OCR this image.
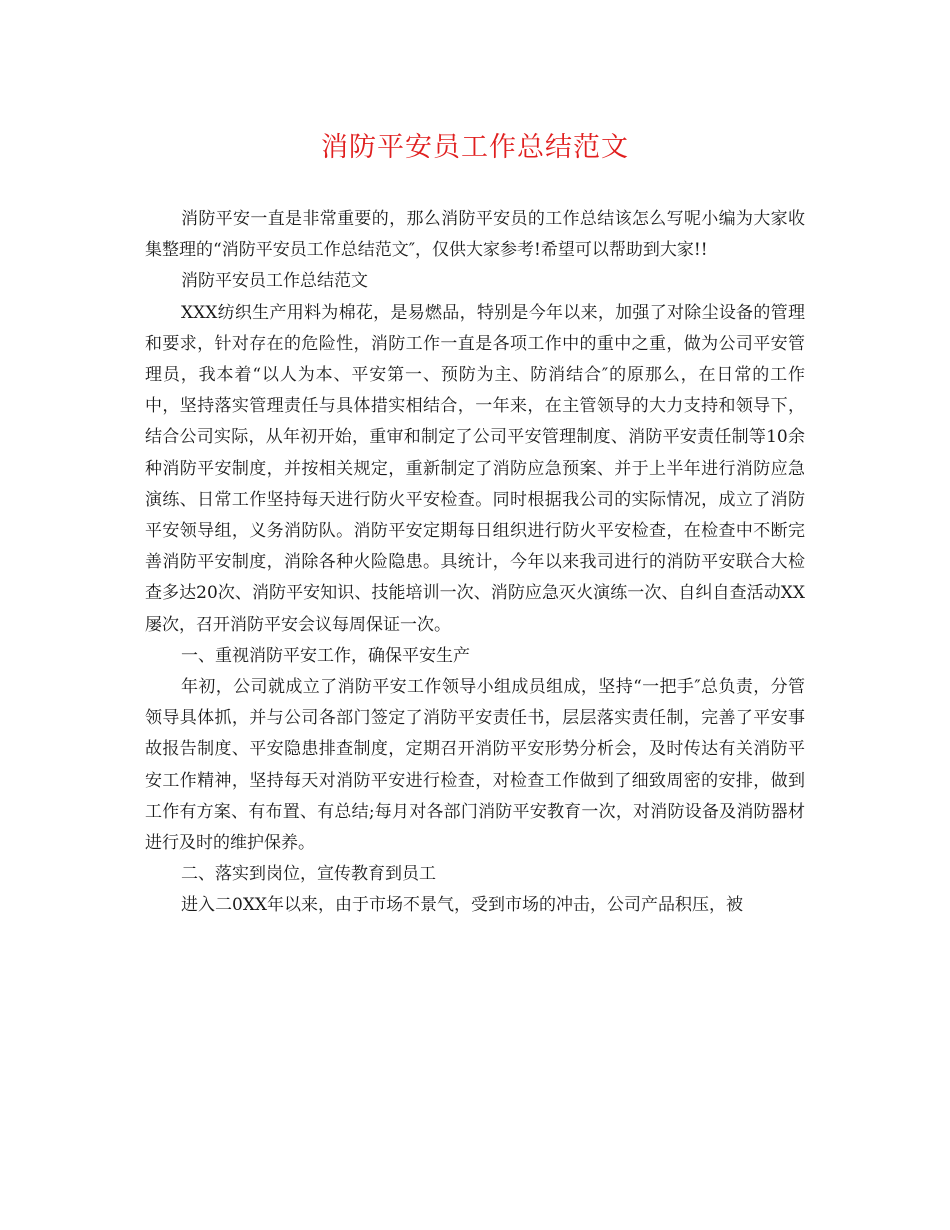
消防平安员工作总结范文

消防平安一直是非常重要的，那么消防平安员的工作总结该怎么写呢小编为大家收集整理的“消防平安员工作总结范文″，仅供大家参考!希望可以帮助到大家!!

消防平安员工作总结范文

XXX纺织生产用料为棉花，是易燃品，特别是今年以来，加强了对除尘设备的管理和要求，针对存在的危险性，消防工作一直是各项工作中的重中之重，做为公司平安管理员，我本着“以人为本、平安第一、预防为主、防消结合″的原那么，在日常的工作中，坚持落实管理责任与具体措实相结合，一年来，在主管领导的大力支持和领导下，结合公司实际，从年初开始，重审和制定了公司平安管理制度、消防平安责任制等10余种消防平安制度，并按相关规定，重新制定了消防应急预案、并于上半年进行消防应急演练、日常工作坚持每天进行防火平安检查。同时根据我公司的实际情况，成立了消防平安领导组，义务消防队。消防平安定期每日组织进行防火平安检查，在检查中不断完善消防平安制度，消除各种火险隐患。具统计，今年以来我司进行的消防平安联合大检查多达20次、消防平安知识、技能培训一次、消防应急灭火演练一次、自纠自查活动XX屡次，召开消防平安会议每周保证一次。

一、重视消防平安工作，确保平安生产

年初，公司就成立了消防平安工作领导小组成员组成，坚持“一把手″总负责，分管领导具体抓，并与公司各部门签定了消防平安责任书，层层落实责任制，完善了平安事故报告制度、平安隐患排查制度，定期召开消防平安形势分析会，及时传达有关消防平安工作精神，坚持每天对消防平安进行检查，对检查工作做到了细致周密的安排，做到工作有方案、有布置、有总结;每月对各部门消防平安教育一次，对消防设备及消防器材进行及时的维护保养。

二、落实到岗位，宣传教育到员工

进入二0XX年以来，由于市场不景气，受到市场的冲击，公司产品积压，被
